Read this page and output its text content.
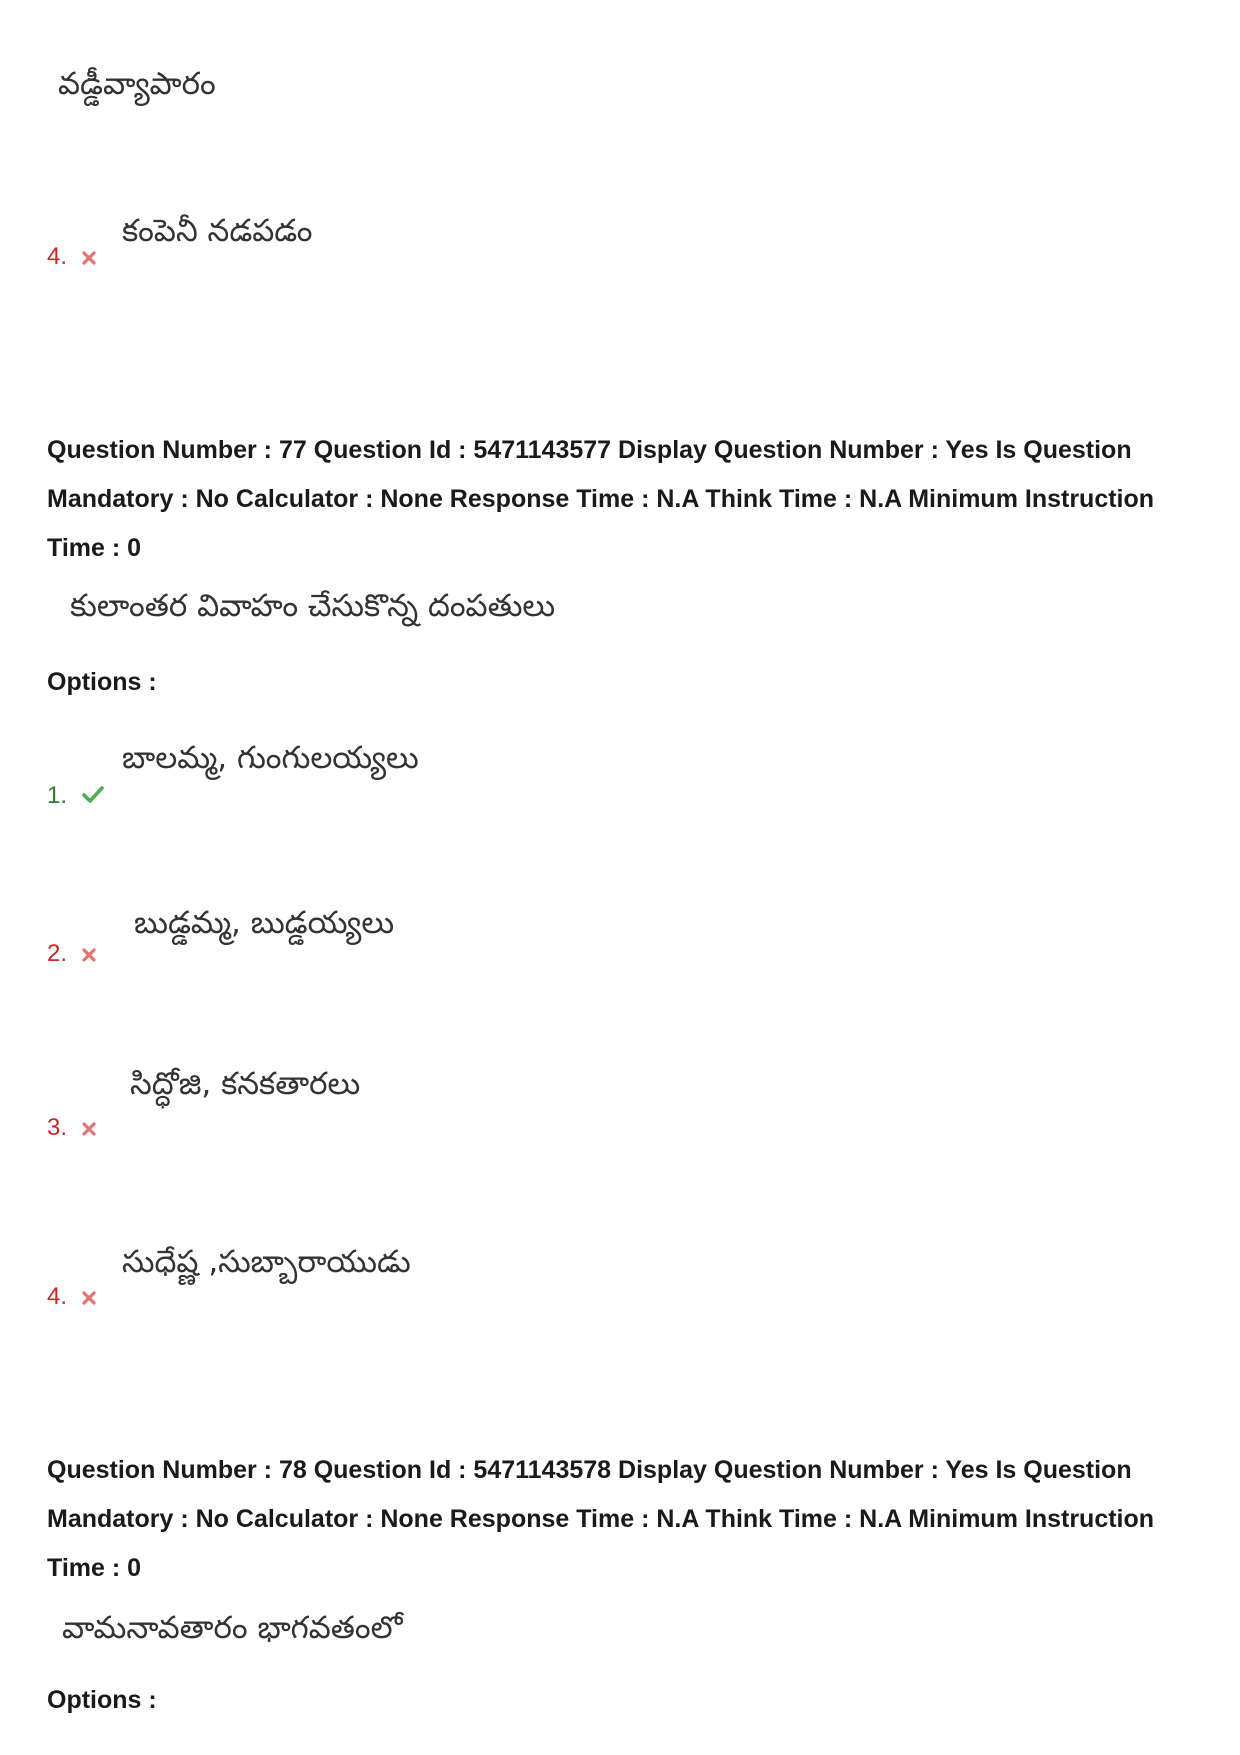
వడ్డీవ్యాపారం
కంపెనీ నడపడం
4.
Question Number : 77 Question Id : 5471143577 Display Question Number : Yes Is Question Mandatory : No Calculator : None Response Time : N.A Think Time : N.A Minimum Instruction Time : 0
కులాంతర వివాహం చేసుకొన్న దంపతులు
Options :
బాలమ్మ, గుంగులయ్యలు
1.
బుడ్డమ్మ, బుడ్డయ్యలు
2.
సిద్ధోజి, కనకతారలు
3.
సుధేష్ణ ,సుబ్బారాయుడు
4.
Question Number : 78 Question Id : 5471143578 Display Question Number : Yes Is Question Mandatory : No Calculator : None Response Time : N.A Think Time : N.A Minimum Instruction Time : 0
వామనావతారం భాగవతంలో
Options :
